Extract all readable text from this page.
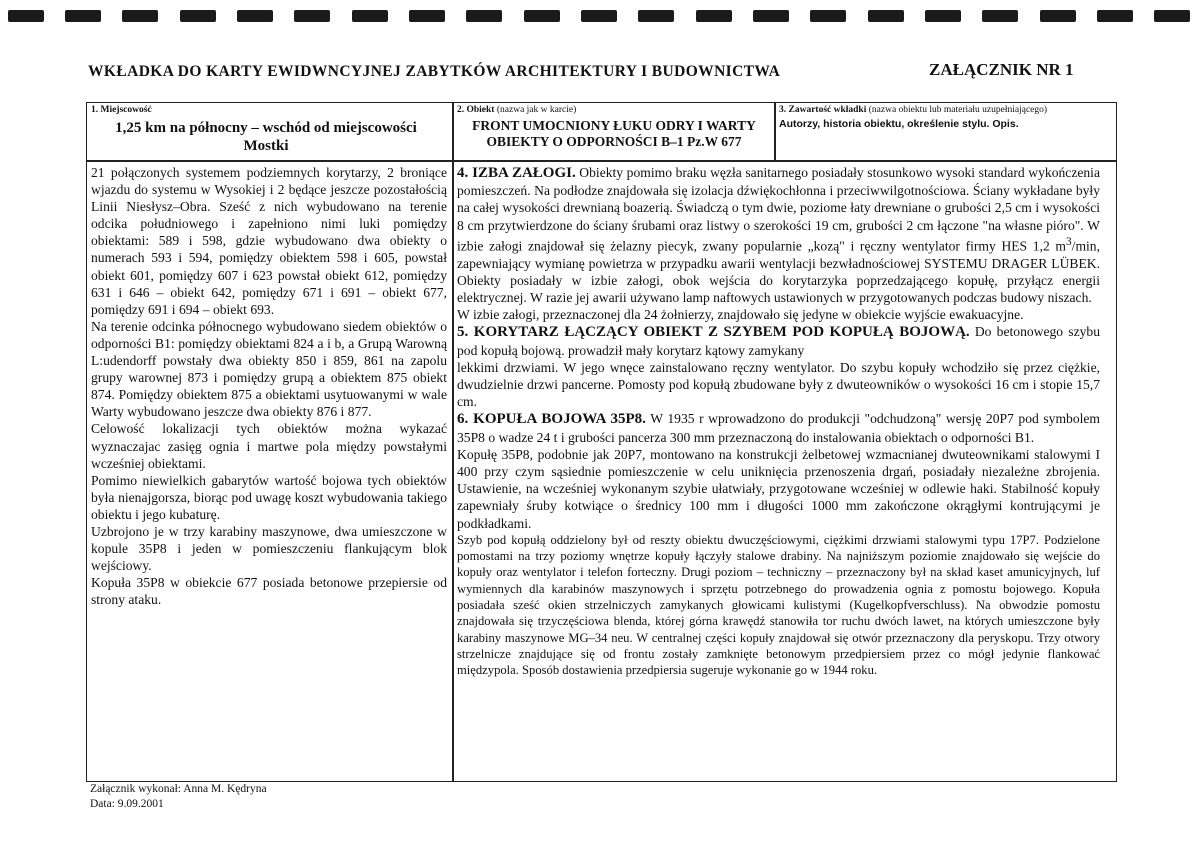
WKŁADKA DO KARTY EWIDWNCYJNEJ ZABYTKÓW ARCHITEKTURY I BUDOWNICTWA	ZAŁĄCZNIK NR 1
1. Miejscowość
1,25 km na północny – wschód od miejscowości Mostki
2. Obiekt (nazwa jak w karcie)
FRONT UMOCNIONY ŁUKU ODRY I WARTY OBIEKTY O ODPORNOŚCI B–1 Pz.W 677
3. Zawartość wkładki (nazwa obiektu lub materiału uzupełniającego)
Autorzy, historia obiektu, określenie stylu. Opis.

21 połączonych systemem podziemnych korytarzy, 2 broniące wjazdu do systemu w Wysokiej i 2 będące jeszcze pozostałością Linii Niesłysz–Obra. Sześć z nich wybudowano na terenie odcika południowego i zapełniono nimi luki pomiędzy obiektami: 589 i 598, gdzie wybudowano dwa obiekty o numerach 593 i 594, pomiędzy obiektem 598 i 605, powstał obiekt 601, pomiędzy 607 i 623 powstał obiekt 612, pomiędzy 631 i 646 – obiekt 642, pomiędzy 671 i 691 – obiekt 677, pomiędzy 691 i 694 – obiekt 693.

Na terenie odcinka północnego wybudowano siedem obiektów o odporności B1: pomiędzy obiektami 824 a i b, a Grupą Warowną L:udendorff powstały dwa obiekty 850 i 859, 861 na zapolu grupy warownej 873 i pomiędzy grupą a obiektem 875 obiekt 874. Pomiędzy obiektem 875 a obiektami usytuowanymi w wale Warty wybudowano jeszcze dwa obiekty 876 i 877.

Celowość lokalizacji tych obiektów można wykazać wyznaczajac zasięg ognia i martwe pola między powstałymi wcześniej obiektami.

Pomimo niewielkich gabarytów wartość bojowa tych obiektów była nienajgorsza, biorąc pod uwagę koszt wybudowania takiego obiektu i jego kubaturę.

Uzbrojono je w trzy karabiny maszynowe, dwa umieszczone w kopule 35P8 i jeden w pomieszczeniu flankującym blok wejściowy.

Kopuła 35P8 w obiekcie 677 posiada betonowe przepiersie od strony ataku.

4. IZBA ZAŁOGI. Obiekty pomimo braku węzła sanitarnego posiadały stosunkowo wysoki standard wykończenia pomieszczeń. Na podłodze znajdowała się izolacja dźwiękochłonna i przeciwwilgotnościowa. Ściany wykładane były na całej wysokości drewnianą boazerią. Świadczą o tym dwie, poziome łaty drewniane o grubości 2,5 cm i wysokości 8 cm przytwierdzone do ściany śrubami oraz listwy o szerokości 19 cm, grubości 2 cm łączone "na własne pióro". W izbie załogi znajdował się żelazny piecyk, zwany popularnie „kozą" i ręczny wentylator firmy HES 1,2 $m^3/\min$, zapewniający wymianę powietrza w przypadku awarii wentylacji bezwładnościowej SYSTEMU DRAGER LÜBEK. Obiekty posiadały w izbie załogi, obok wejścia do korytarzyka poprzedzającego kopułę, przyłącz energii elektrycznej. W razie jej awarii używano lamp naftowych ustawionych w przygotowanych podczas budowy niszach.

W izbie załogi, przeznaczonej dla 24 żołnierzy, znajdowało się jedyne w obiekcie wyjście ewakuacyjne.

5. KORYTARZ ŁĄCZĄCY OBIEKT Z SZYBEM POD KOPUŁĄ BOJOWĄ. Do betonowego szybu pod kopułą bojową. prowadził mały korytarz kątowy zamykany

lekkimi drzwiami. W jego wnęce zainstalowano ręczny wentylator. Do szybu kopuły wchodziło się przez ciężkie, dwudzielnie drzwi pancerne. Pomosty pod kopułą zbudowane były z dwuteowników o wysokości 16 cm i stopie 15,7 cm.

6. KOPUŁA BOJOWA 35P8. W 1935 r wprowadzono do produkcji "odchudzoną" wersję 20P7 pod symbolem 35P8 o wadze 24 t i grubości pancerza 300 mm przeznaczoną do instalowania obiektach o odporności B1.

Kopułę 35P8, podobnie jak 20P7, montowano na konstrukcji żelbetowej wzmacnianej dwuteownikami stalowymi I 400 przy czym sąsiednie pomieszczenie w celu uniknięcia przenoszenia drgań, posiadały niezależne zbrojenia. Ustawienie, na wcześniej wykonanym szybie ułatwiały, przygotowane wcześniej w odlewie haki. Stabilność kopuły zapewniały śruby kotwiące o średnicy 100 mm i długości 1000 mm zakończone okrągłymi kontrującymi je podkładkami.

Szyb pod kopułą oddzielony był od reszty obiektu dwuczęściowymi, ciężkimi drzwiami stalowymi typu 17P7. Podzielone pomostami na trzy poziomy wnętrze kopuły łączyły stalowe drabiny. Na najniższym poziomie znajdowało się wejście do kopuły oraz wentylator i telefon forteczny. Drugi poziom – techniczny – przeznaczony był na skład kaset amunicyjnych, luf wymiennych dla karabinów maszynowych i sprzętu potrzebnego do prowadzenia ognia z pomostu bojowego. Kopuła posiadała sześć okien strzelniczych zamykanych głowicami kulistymi (Kugelkopfverschluss). Na obwodzie pomostu znajdowała się trzyczęściowa blenda, której górna krawędź stanowiła tor ruchu dwóch lawet, na których umieszczone były karabiny maszynowe MG–34 neu. W centralnej części kopuły znajdował się otwór przeznaczony dla peryskopu. Trzy otwory strzelnicze znajdujące się od frontu zostały zamknięte betonowym przedpiersiem przez co mógł jedynie flankować międzypola. Sposób dostawienia przedpiersia sugeruje wykonanie go w 1944 roku.

Załącznik wykonał: Anna M. Kędryna
Data: 9.09.2001
